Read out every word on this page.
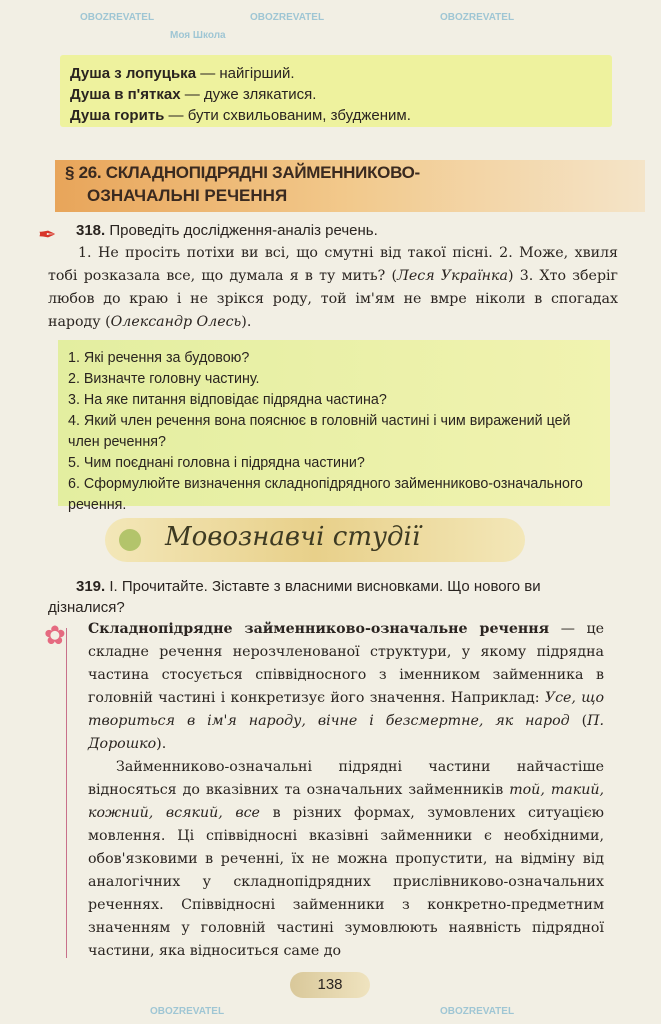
OBOZREVATEL	OBOZREVATEL	OBOZREVATEL
Моя Школа
OBOZREVATEL
OBOZREVATEL
Душа з лопуцька — найгірший.
Душа в п'ятках — дуже злякатися.
Душа горить — бути схвильованим, збудженим.
§ 26. СКЛАДНОПІДРЯДНІ ЗАЙМЕННИКОВО-
ОЗНАЧАЛЬНІ РЕЧЕННЯ
✒ 318. Проведіть дослідження-аналіз речень.
1. Не просіть потіхи ви всі, що смутні від такої пісні. 2. Може, хвиля тобі розказала все, що думала я в ту мить? (Леся Українка) 3. Хто зберіг любов до краю і не зрікся роду, той ім'ям не вмре ніколи в спогадах народу (Олександр Олесь).
1. Які речення за будовою?
2. Визначте головну частину.
3. На яке питання відповідає підрядна частина?
4. Який член речення вона пояснює в головній частині і чим виражений цей член речення?
5. Чим поєднані головна і підрядна частини?
6. Сформулюйте визначення складнопідрядного займенниково-означального речення.
Мовознавчі студії
319. І. Прочитайте. Зіставте з власними висновками. Що нового ви дізналися?
✿	Складнопідрядне займенниково-означальне речення — це складне речення нерозчленованої структури, у якому підрядна частина стосується співвідносного з іменником займенника в головній частині і конкретизує його значення. Наприклад: Усе, що твориться в ім'я народу, вічне і безсмертне, як народ (П. Дорошко).
Займенниково-означальні підрядні частини найчастіше відносяться до вказівних та означальних займенників той, такий, кожний, всякий, все в різних формах, зумовлених ситуацією мовлення. Ці співвідносні вказівні займенники є необхідними, обов'язковими в реченні, їх не можна пропустити, на відміну від аналогічних у складнопідрядних прислівниково-означальних реченнях. Співвідносні займенники з конкретно-предметним значенням у головній частині зумовлюють наявність підрядної частини, яка відноситься саме до
138
